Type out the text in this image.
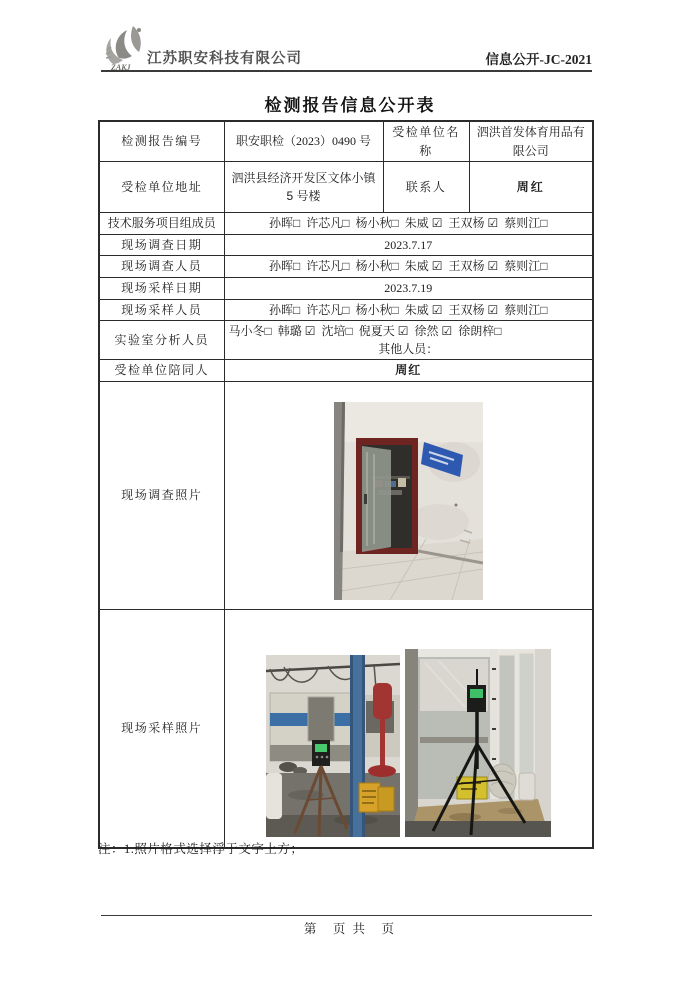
ZAKJ
江苏职安科技有限公司	信息公开-JC-2021
检测报告信息公开表
检测报告编号	职安职检（2023）0490 号	受检单位名称	泗洪首发体育用品有限公司
受检单位地址	泗洪县经济开发区文体小镇 5 号楼	联系人	周红
技术服务项目组成员	孙晖□  许芯凡□  杨小秋□  朱威 ☑  王双杨 ☑  蔡则江□		
现场调查日期	2023.7.17		
现场调查人员	孙晖□  许芯凡□  杨小秋□  朱威 ☑  王双杨 ☑  蔡则江□		
现场采样日期	2023.7.19		
现场采样人员	孙晖□  许芯凡□  杨小秋□  朱威 ☑  王双杨 ☑  蔡则江□		
实验室分析人员	马小冬□  韩璐 ☑  沈培□  倪夏天 ☑  徐然 ☑  徐朗梓□
其他人员：		

受检单位陪同人	周红		
现场调查照片	

现场采样照片	
注：1.照片格式选择浮于文字上方；
第　页 共　页
